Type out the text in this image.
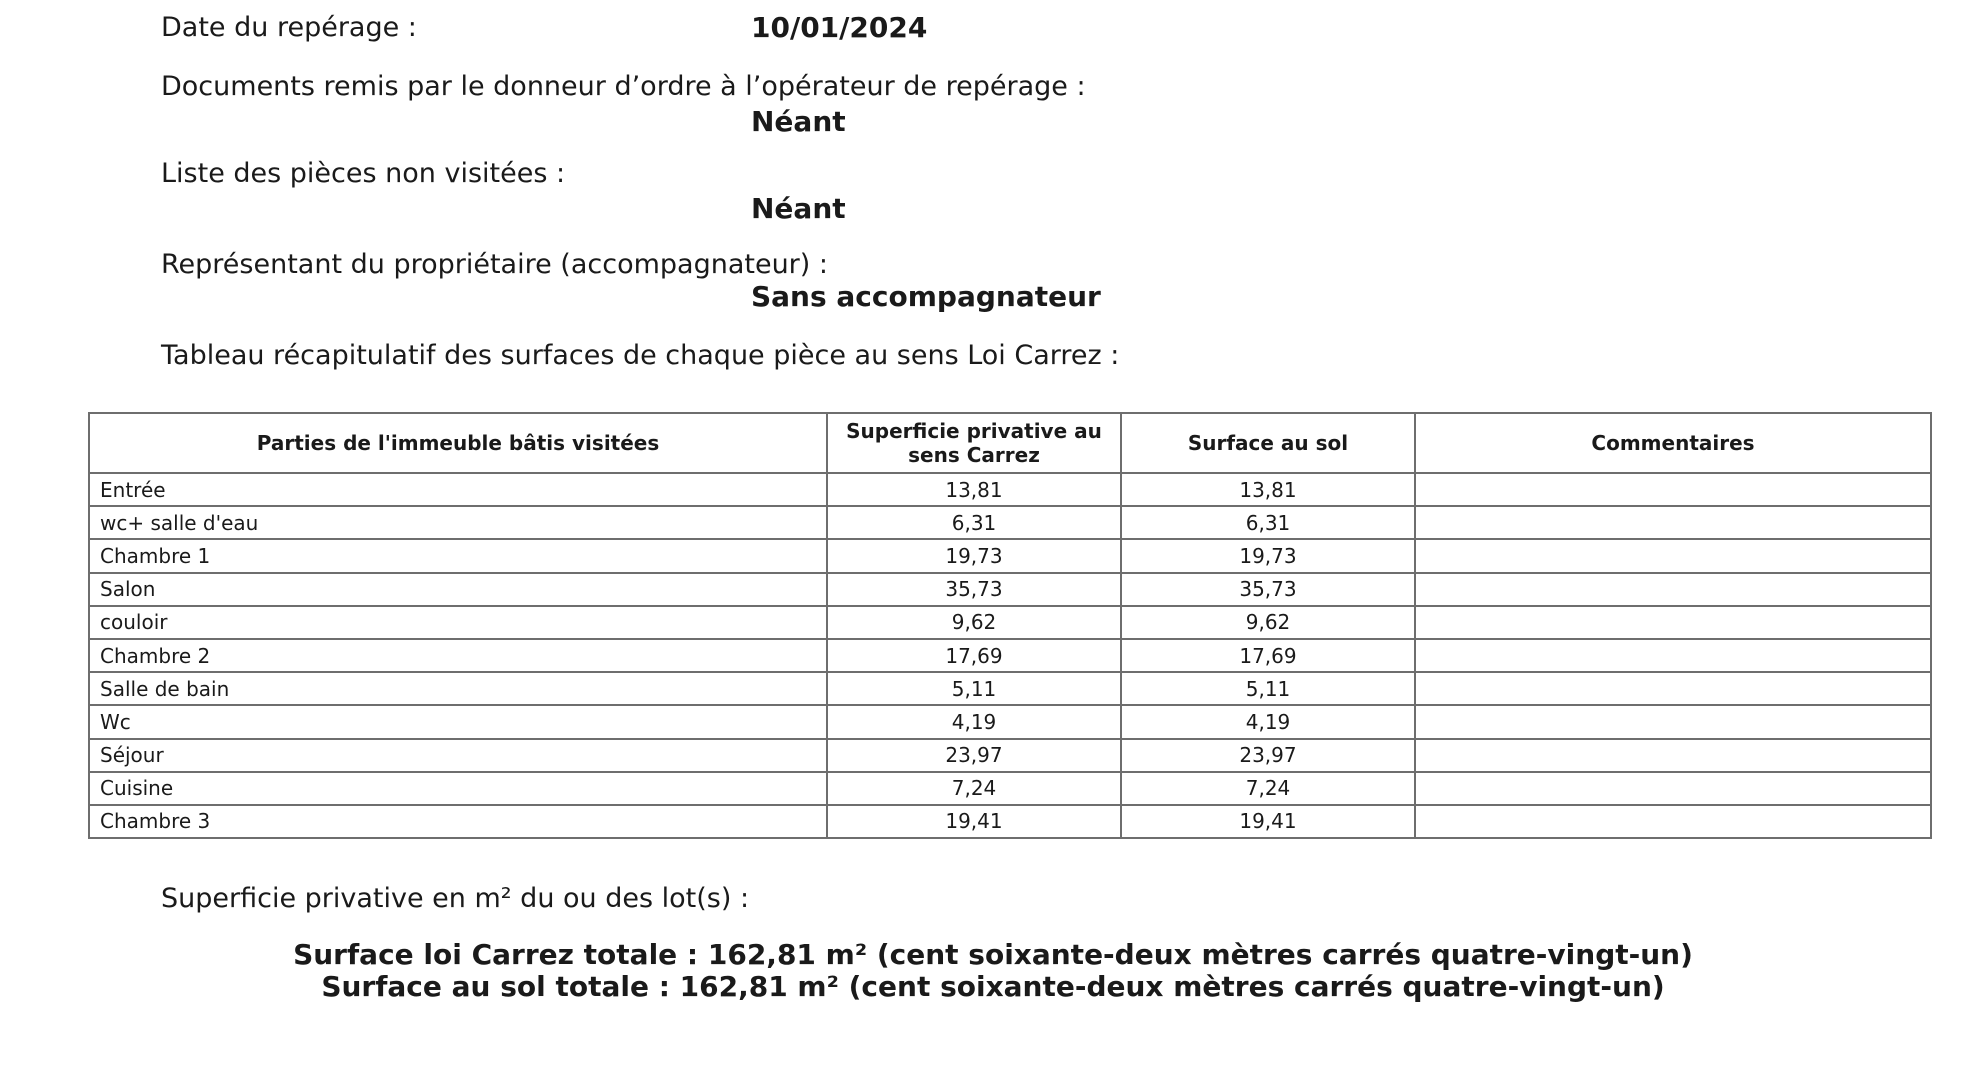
Date du repérage :	10/01/2024
Documents remis par le donneur d’ordre à l’opérateur de repérage :
Néant
Liste des pièces non visitées :
Néant
Représentant du propriétaire (accompagnateur) :
Sans accompagnateur
Tableau récapitulatif des surfaces de chaque pièce au sens Loi Carrez :
Parties de l'immeuble bâtis visitées	Superficie privative au sens Carrez	Surface au sol	Commentaires
Entrée	13,81	13,81	
wc+ salle d'eau	6,31	6,31	
Chambre 1	19,73	19,73	
Salon	35,73	35,73	
couloir	9,62	9,62	
Chambre 2	17,69	17,69	
Salle de bain	5,11	5,11	
Wc	4,19	4,19	
Séjour	23,97	23,97	
Cuisine	7,24	7,24	
Chambre 3	19,41	19,41	
Superficie privative en m² du ou des lot(s) :
Surface loi Carrez totale : 162,81 m² (cent soixante-deux mètres carrés quatre-vingt-un)
Surface au sol totale : 162,81 m² (cent soixante-deux mètres carrés quatre-vingt-un)
